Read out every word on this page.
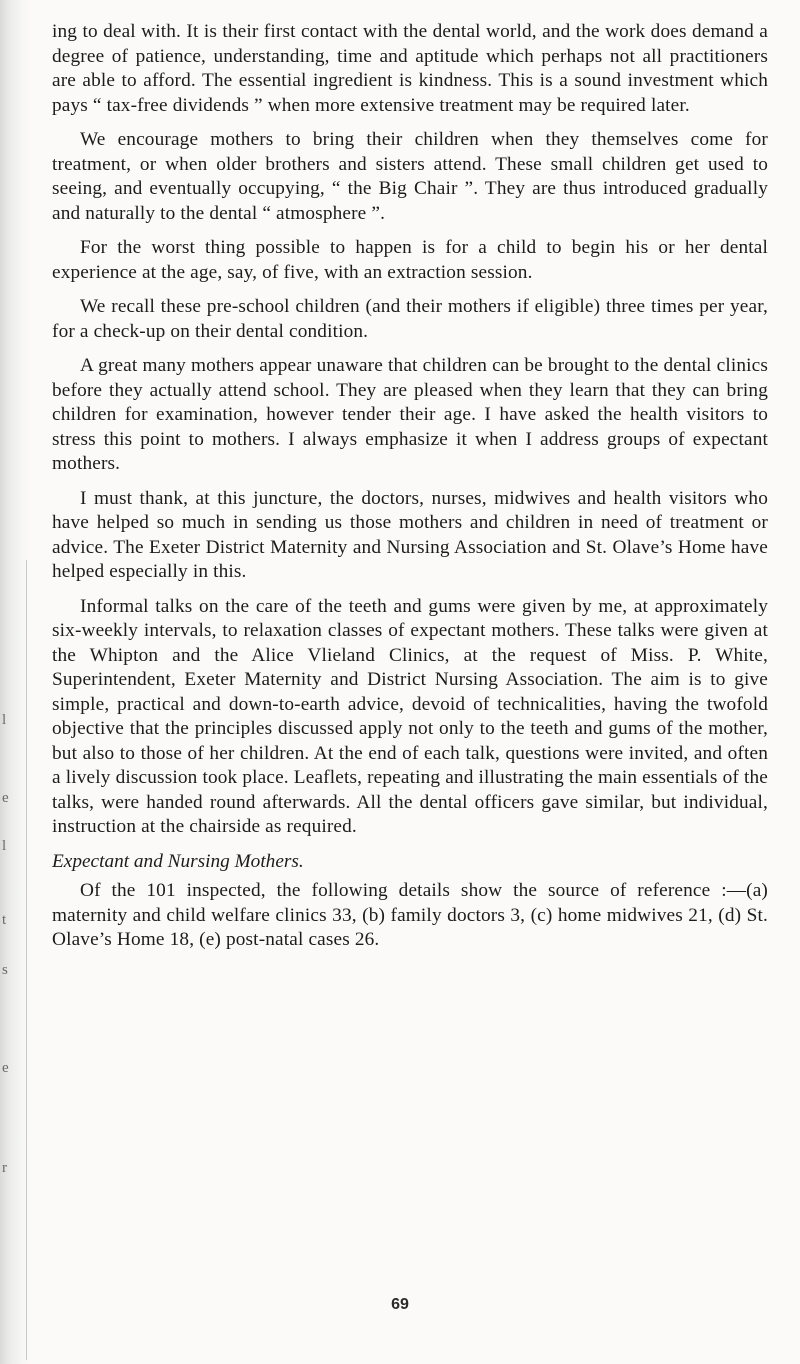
l
e
l
t
s
e
r

ing to deal with. It is their first contact with the dental world, and the work does demand a degree of patience, understanding, time and aptitude which perhaps not all practitioners are able to afford. The essential ingredient is kindness. This is a sound investment which pays “ tax-free dividends ” when more extensive treatment may be required later.

We encourage mothers to bring their children when they themselves come for treatment, or when older brothers and sisters attend. These small children get used to seeing, and eventually occupying, “ the Big Chair ”. They are thus introduced gradually and naturally to the dental “ atmosphere ”.

For the worst thing possible to happen is for a child to begin his or her dental experience at the age, say, of five, with an extraction session.

We recall these pre-school children (and their mothers if eligible) three times per year, for a check-up on their dental condition.

A great many mothers appear unaware that children can be brought to the dental clinics before they actually attend school. They are pleased when they learn that they can bring children for examination, however tender their age. I have asked the health visitors to stress this point to mothers. I always emphasize it when I address groups of expectant mothers.

I must thank, at this juncture, the doctors, nurses, midwives and health visitors who have helped so much in sending us those mothers and children in need of treatment or advice. The Exeter District Maternity and Nursing Association and St. Olave’s Home have helped especially in this.

Informal talks on the care of the teeth and gums were given by me, at approximately six-weekly intervals, to relaxation classes of expectant mothers. These talks were given at the Whipton and the Alice Vlieland Clinics, at the request of Miss. P. White, Superintendent, Exeter Maternity and District Nursing Association. The aim is to give simple, practical and down-to-earth advice, devoid of technicalities, having the twofold objective that the principles discussed apply not only to the teeth and gums of the mother, but also to those of her children. At the end of each talk, questions were invited, and often a lively discussion took place. Leaflets, repeating and illustrating the main essentials of the talks, were handed round afterwards. All the dental officers gave similar, but individual, instruction at the chairside as required.

Expectant and Nursing Mothers.

Of the 101 inspected, the following details show the source of reference :—(a) maternity and child welfare clinics 33, (b) family doctors 3, (c) home midwives 21, (d) St. Olave’s Home 18, (e) post-natal cases 26.

69
